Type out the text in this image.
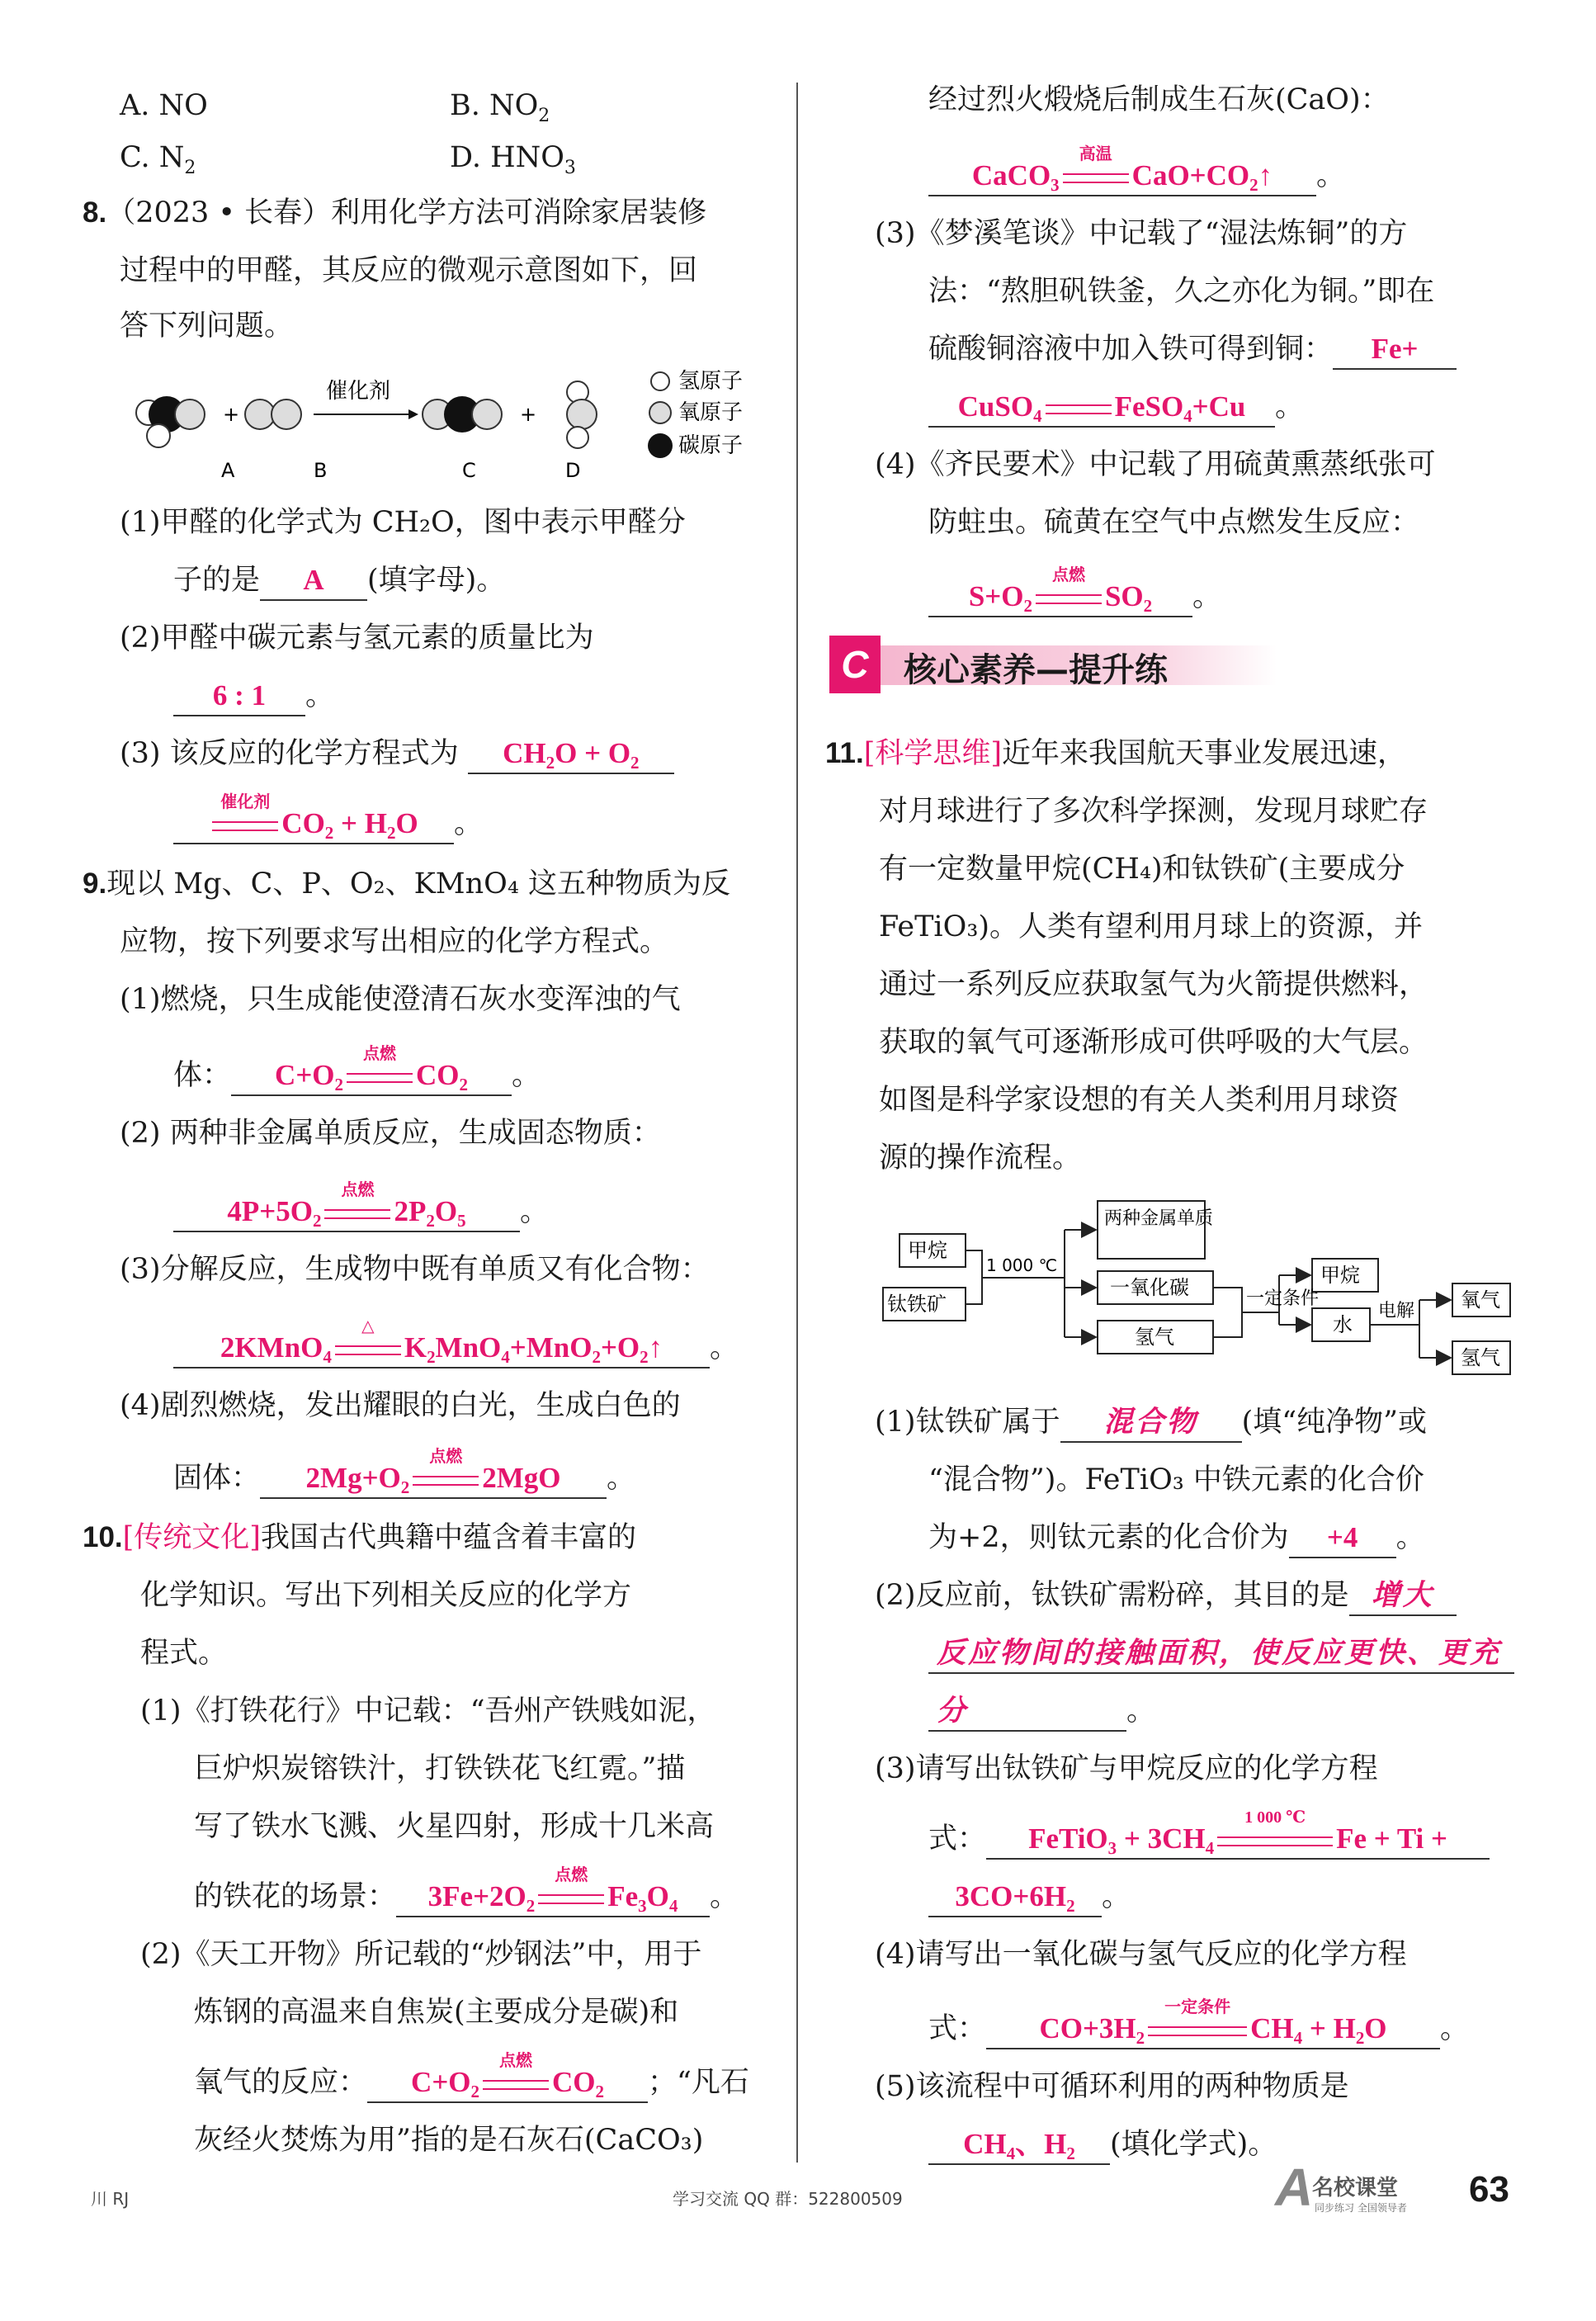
A. NO	B. $NO_2$
C. $N_2$	D. $HNO_3$
8.（2023 • 长春）利用化学方法可消除家居装修
过程中的甲醛，其反应的微观示意图如下，回
答下列问题。
+
催化剂
+
A	B	C	D
氢原子
氧原子
碳原子
(1)甲醛的化学式为 CH₂O，图中表示甲醛分
子的是 A (填字母)。
(2)甲醛中碳元素与氢元素的质量比为
6 : 1 。
(3) 该反应的化学方程式为 CH₂O + O₂
催化剂
CO₂ + H₂O 。
9.现以 Mg、C、P、O₂、KMnO₄ 这五种物质为反
应物，按下列要求写出相应的化学方程式。
(1)燃烧，只生成能使澄清石灰水变浑浊的气
体： C+O₂
点燃
CO₂ 。
(2) 两种非金属单质反应，生成固态物质：
4P+5O₂
点燃
2P₂O₅ 。
(3)分解反应，生成物中既有单质又有化合物：
2KMnO₄
△
K₂MnO₄+MnO₂+O₂↑ 。
(4)剧烈燃烧，发出耀眼的白光，生成白色的
固体： 2Mg+O₂
点燃
2MgO 。
10.[传统文化]我国古代典籍中蕴含着丰富的
化学知识。写出下列相关反应的化学方
程式。
(1)《打铁花行》中记载：“吾州产铁贱如泥，
巨炉炽炭镕铁汁，打铁铁花飞红霓。”描
写了铁水飞溅、火星四射，形成十几米高
的铁花的场景： 3Fe+2O₂
点燃
Fe₃O₄ 。
(2)《天工开物》所记载的“炒钢法”中，用于
炼钢的高温来自焦炭(主要成分是碳)和
氧气的反应： C+O₂
点燃
CO₂ ；“凡石
灰经火焚炼为用”指的是石灰石(CaCO₃)
经过烈火煅烧后制成生石灰(CaO)：
CaCO₃
高温
CaO+CO₂↑ 。
(3)《梦溪笔谈》中记载了“湿法炼铜”的方
法：“熬胆矾铁釜，久之亦化为铜。”即在
硫酸铜溶液中加入铁可得到铜： Fe+
CuSO₄	FeSO₄+Cu 。
(4)《齐民要术》中记载了用硫黄熏蒸纸张可
防蛀虫。硫黄在空气中点燃发生反应：
S+O₂
点燃
SO₂ 。
C	核心素养—提升练
11.[科学思维]近年来我国航天事业发展迅速，
对月球进行了多次科学探测，发现月球贮存
有一定数量甲烷(CH₄)和钛铁矿(主要成分
FeTiO₃)。人类有望利用月球上的资源，并
通过一系列反应获取氢气为火箭提供燃料，
获取的氧气可逐渐形成可供呼吸的大气层。
如图是科学家设想的有关人类利用月球资
源的操作流程。
甲烷
钛铁矿
1 000 ℃
两种金属单质
一氧化碳
氢气
一定条件
甲烷
水
电解 氧气
氢气
(1)钛铁矿属于 混合物 (填“纯净物”或
“混合物”)。FeTiO₃ 中铁元素的化合价
为+2，则钛元素的化合价为 +4 。
(2)反应前，钛铁矿需粉碎，其目的是 增大
反应物间的接触面积，使反应更快、更充
分	。
(3)请写出钛铁矿与甲烷反应的化学方程
式： FeTiO₃ + 3CH₄
1 000 ℃
Fe + Ti +
3CO+6H₂ 。
(4)请写出一氧化碳与氢气反应的化学方程
式： CO+3H₂
一定条件
CH₄ + H₂O 。
(5)该流程中可循环利用的两种物质是
CH₄、H₂ (填化学式)。
川 RJ	学习交流 QQ 群：522800509	A
名校课堂
同步练习 全国领导者 63
